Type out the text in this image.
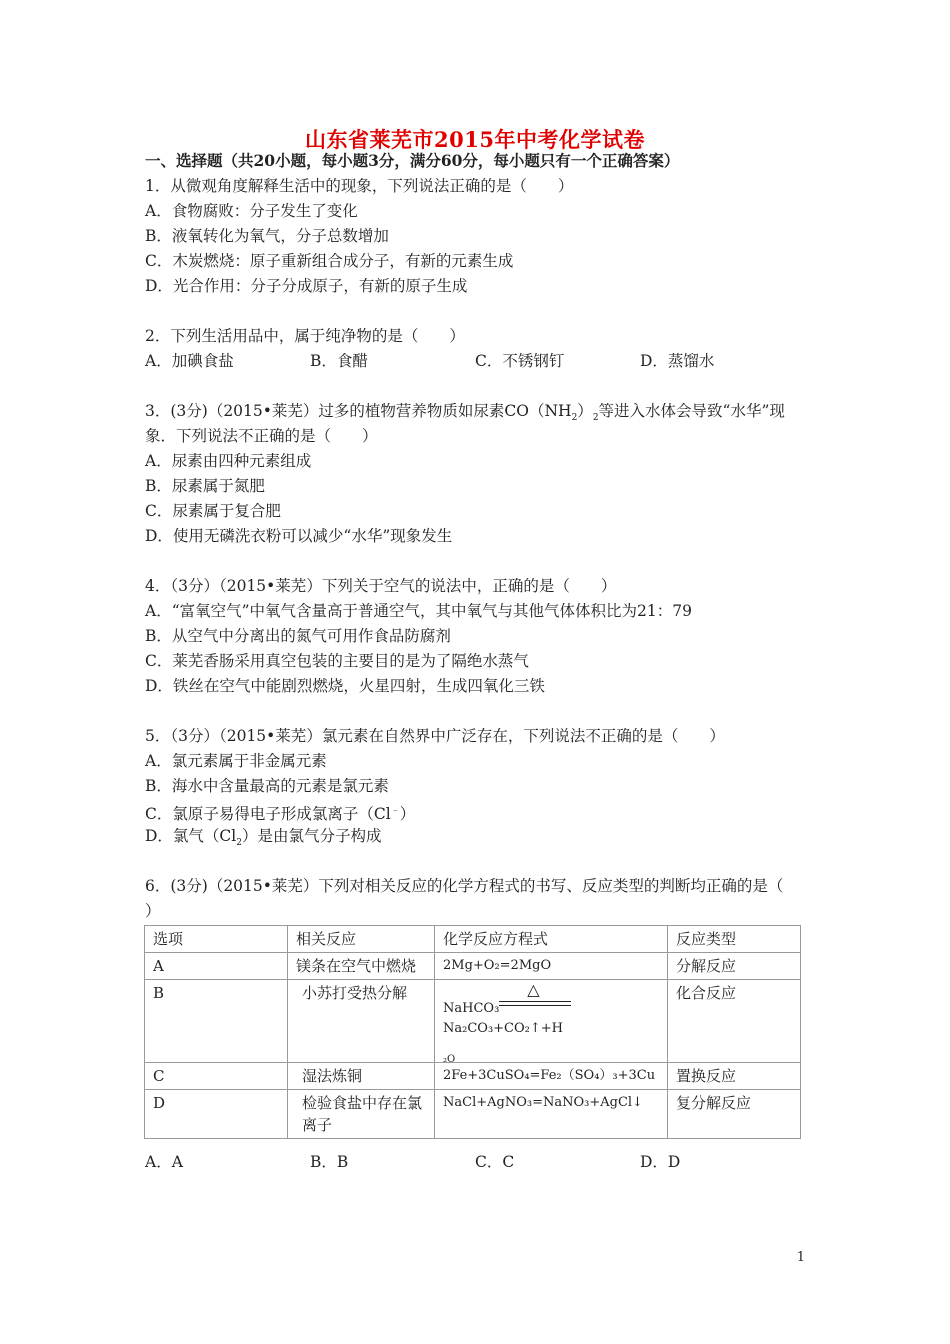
山东省莱芜市2015年中考化学试卷
一、选择题（共20小题，每小题3分，满分60分，每小题只有一个正确答案）
1．从微观角度解释生活中的现象，下列说法正确的是（　　）
A．食物腐败：分子发生了变化
B．液氧转化为氧气，分子总数增加
C．木炭燃烧：原子重新组合成分子，有新的元素生成
D．光合作用：分子分成原子，有新的原子生成
2．下列生活用品中，属于纯净物的是（　　）
A．加碘食盐	B．食醋	C．不锈钢钉	D．蒸馏水
3．(3分)（2015•莱芜）过多的植物营养物质如尿素$CO(NH_2)_2$等进入水体会导致“水华”现
象．下列说法不正确的是（　　）
A．尿素由四种元素组成
B．尿素属于氮肥
C．尿素属于复合肥
D．使用无磷洗衣粉可以减少“水华”现象发生
4．（3分）（2015•莱芜）下列关于空气的说法中，正确的是（　　）
A．“富氧空气”中氧气含量高于普通空气，其中氧气与其他气体体积比为21：79
B．从空气中分离出的氮气可用作食品防腐剂
C．莱芜香肠采用真空包装的主要目的是为了隔绝水蒸气
D．铁丝在空气中能剧烈燃烧，火星四射，生成四氧化三铁
5．（3分）（2015•莱芜）氯元素在自然界中广泛存在，下列说法不正确的是（　　）
A．氯元素属于非金属元素
B．海水中含量最高的元素是氯元素
C．氯原子易得电子形成氯离子（Cl﹣）
D．氯气$(Cl_2)$是由氯气分子构成
6．(3分)（2015•莱芜）下列对相关反应的化学方程式的书写、反应类型的判断均正确的是（
）
选项	相关反应	化学反应方程式	反应类型
A	镁条在空气中燃烧	2Mg+O₂=2MgO	分解反应
B	小苏打受热分解	NaHCO₃
△
Na₂CO₃+CO₂↑+H
$_{_2O}$	化合反应
C	湿法炼铜	2Fe+3CuSO₄=Fe₂（SO₄）₃+3Cu	置换反应
D	检验食盐中存在氯离子	NaCl+AgNO₃=NaNO₃+AgCl↓	复分解反应
A．A	B．B	C．C	D．D
1
